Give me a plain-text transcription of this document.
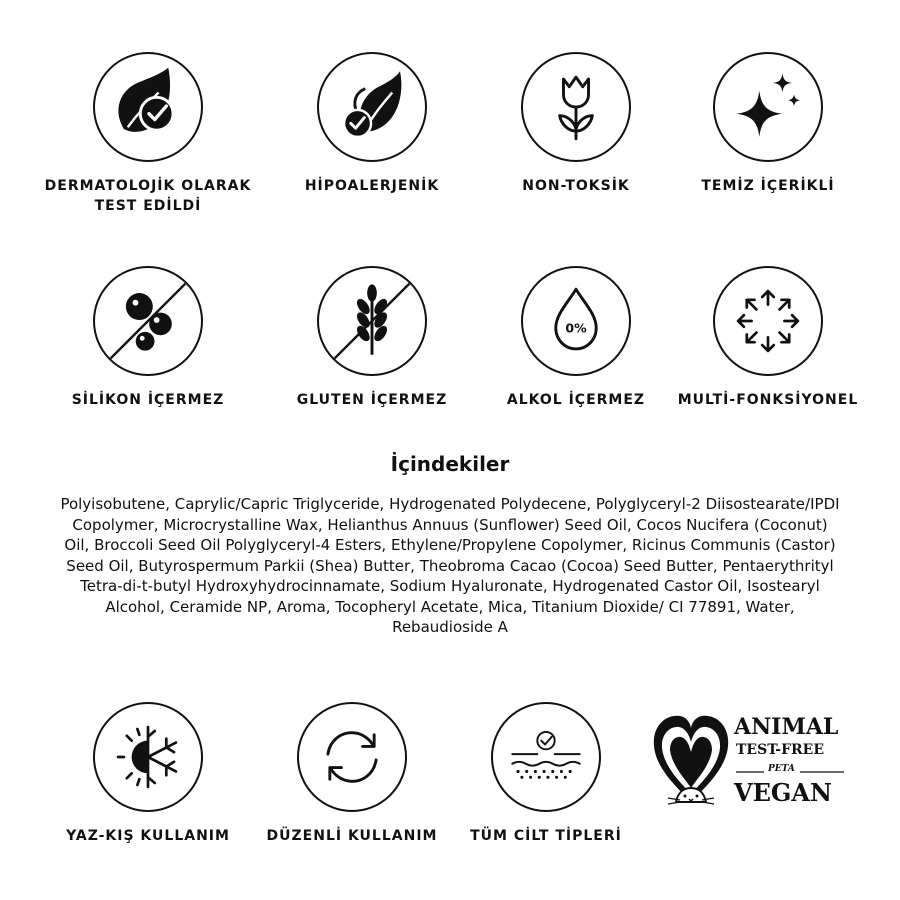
DERMATOLOJİK OLARAK
TEST EDİLDİ
HİPOALERJENİK	NON-TOKSİK	TEMİZ İÇERİKLİ
SİLİKON İÇERMEZ	GLUTEN İÇERMEZ
0%
ALKOL İÇERMEZ	MULTİ-FONKSİYONEL
İçindekiler
Polyisobutene, Caprylic/Capric Triglyceride, Hydrogenated Polydecene, Polyglyceryl-2 Diisostearate/IPDI Copolymer, Microcrystalline Wax, Helianthus Annuus (Sunflower) Seed Oil, Cocos Nucifera (Coconut) Oil, Broccoli Seed Oil Polyglyceryl-4 Esters, Ethylene/Propylene Copolymer, Ricinus Communis (Castor) Seed Oil, Butyrospermum Parkii (Shea) Butter, Theobroma Cacao (Cocoa) Seed Butter, Pentaerythrityl Tetra-di-t-butyl Hydroxyhydrocinnamate, Sodium Hyaluronate, Hydrogenated Castor Oil, Isostearyl Alcohol, Ceramide NP, Aroma, Tocopheryl Acetate, Mica, Titanium Dioxide/ CI 77891, Water, Rebaudioside A
YAZ-KIŞ KULLANIM	DÜZENLİ KULLANIM	TÜM CİLT TİPLERİ
ANIMAL
TEST-FREE
PETA
VEGAN
